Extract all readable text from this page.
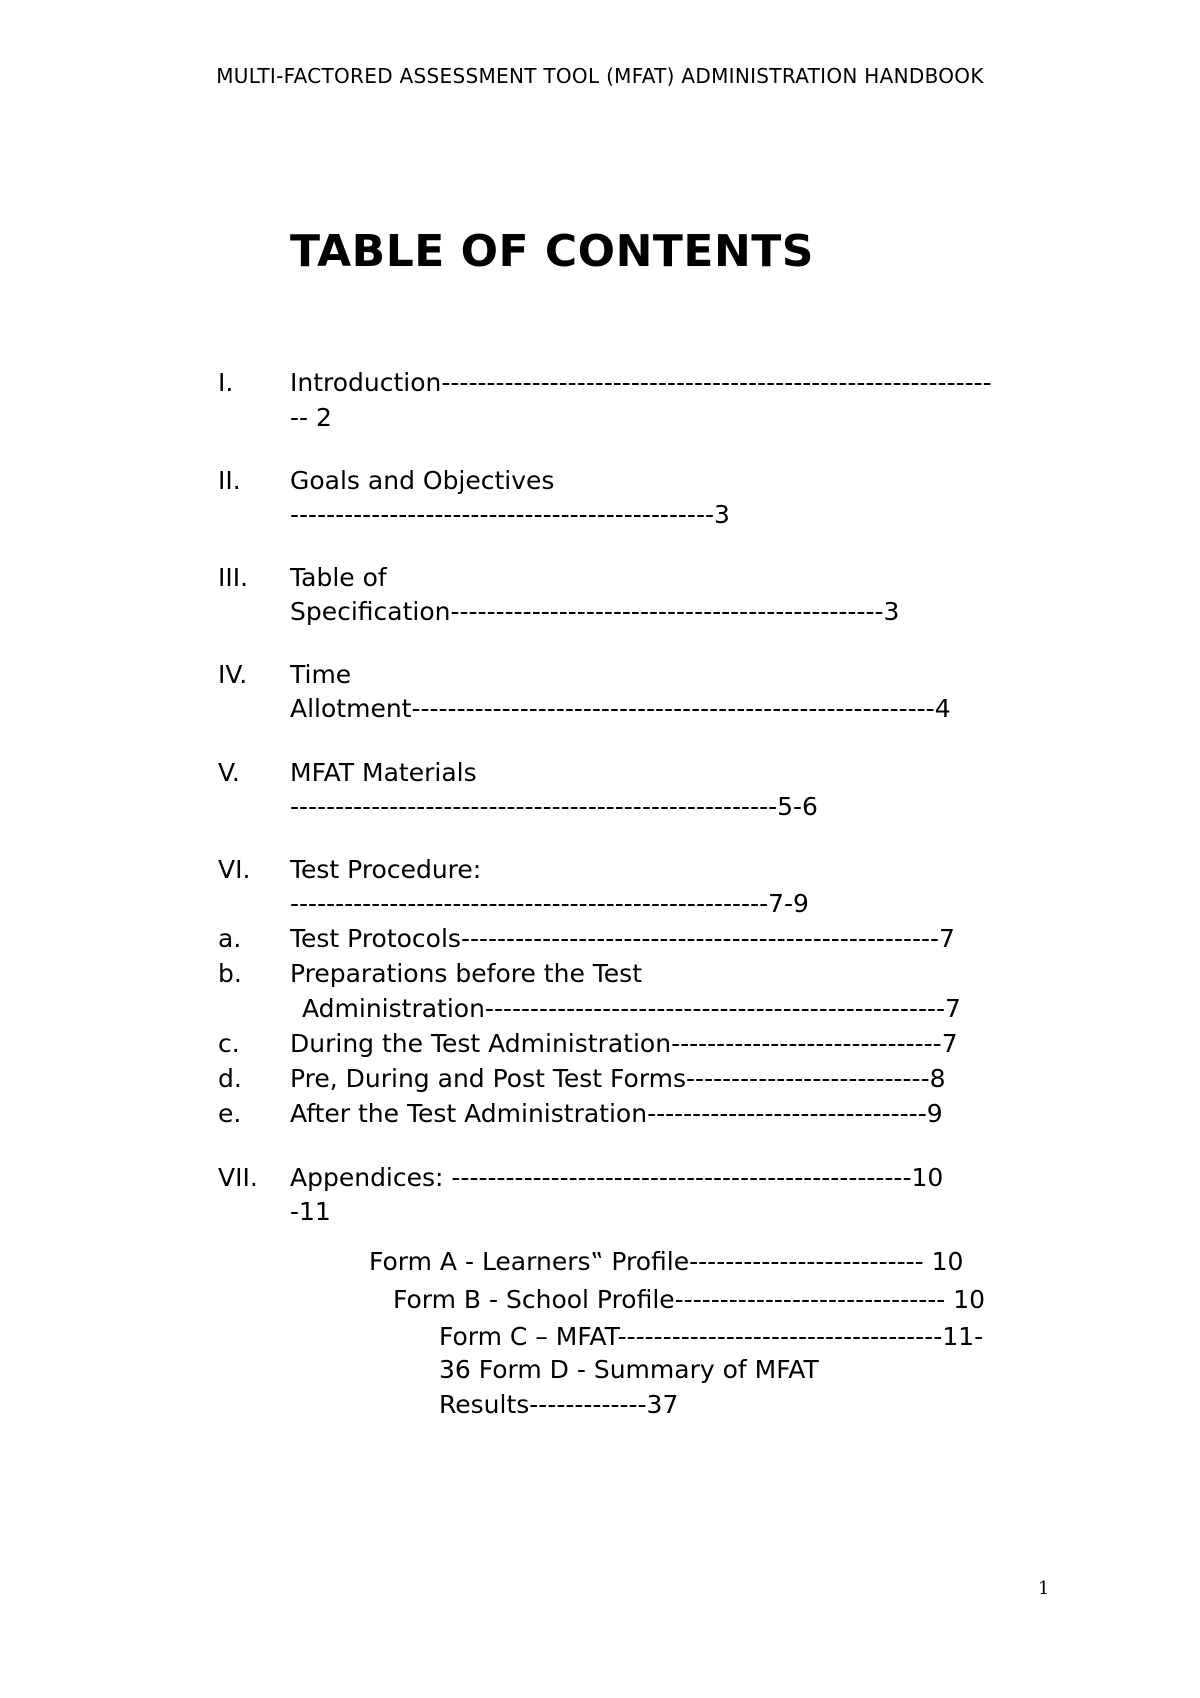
MULTI-FACTORED ASSESSMENT TOOL (MFAT) ADMINISTRATION HANDBOOK
TABLE OF CONTENTS
I. Introduction-------------------------------------------------------------
-- 2
II. Goals and Objectives
-----------------------------------------------3
III. Table of
Specification------------------------------------------------3
IV. Time
Allotment----------------------------------------------------------4
V. MFAT Materials
------------------------------------------------------5-6
VI. Test Procedure:
-----------------------------------------------------7-9
a. Test Protocols-----------------------------------------------------7
b. Preparations before the Test
Administration---------------------------------------------------7
c. During the Test Administration------------------------------7
d. Pre, During and Post Test Forms---------------------------8
e. After the Test Administration-------------------------------9
VII. Appendices: ---------------------------------------------------10
-11
Form A - Learners‟ Profile-------------------------- 10
Form B - School Profile------------------------------ 10
Form C – MFAT------------------------------------11-
36 Form D - Summary of MFAT
Results-------------37
1
